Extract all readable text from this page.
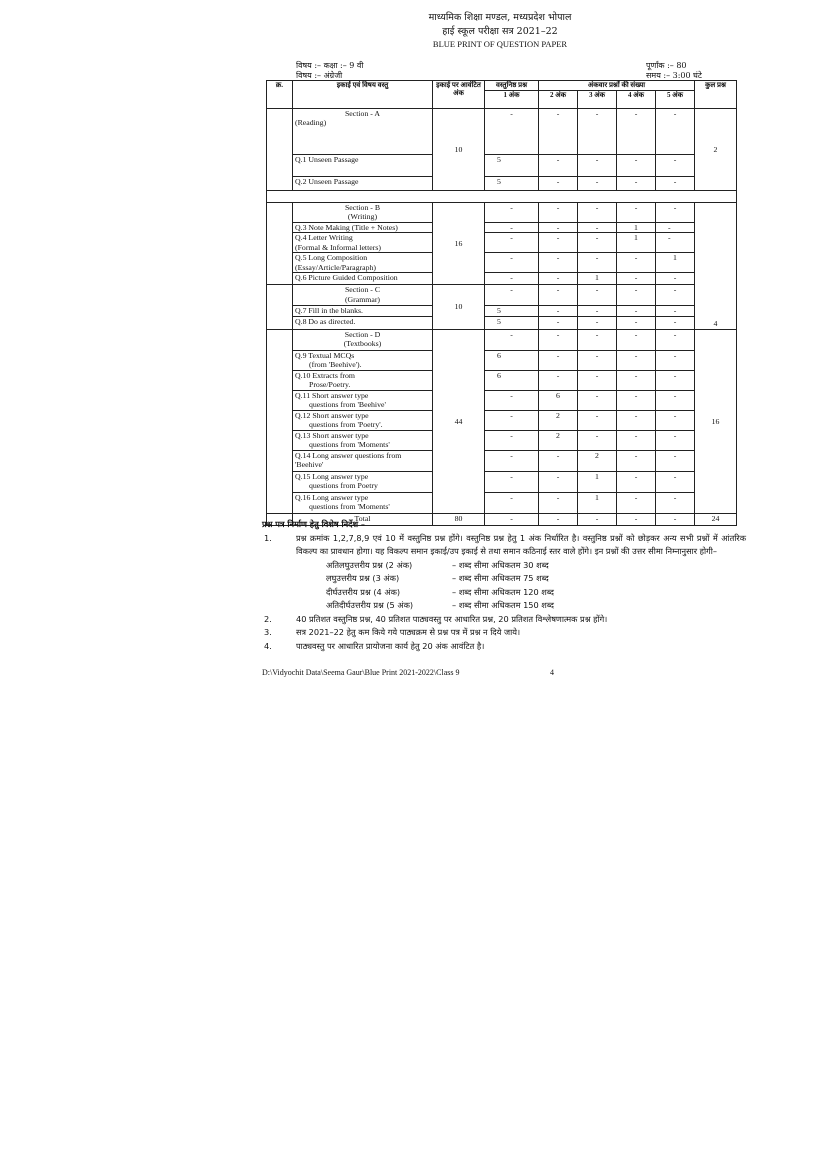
माध्यमिक शिक्षा मण्डल, मध्यप्रदेश भोपाल
हाई स्कूल परीक्षा सत्र 2021–22
BLUE PRINT OF QUESTION PAPER
विषय :– कक्षा :– 9 वी	पूर्णांक :– 80
विषय :– अंग्रेजी	समय :– 3:00 घंटे
क्र.	इकाई एवं विषय वस्तु	इकाई पर आवंटित अंक	वस्तुनिष्ठ प्रश्न	अंकवार प्रश्नों की संख्या				कुल प्रश्न
			1 अंक	2 अंक	3 अंक	4 अंक	5 अंक	

	Section - A
(Reading)	10	-	-	-	-	-	2
	Q.1 Unseen Passage		5	-	-	-	-	
	Q.2 Unseen Passage		5	-	-	-	-	

	Section - B
(Writing)	16	-	-	-	-	-	4
	Q.3 Note Making (Title + Notes)		-	-	-	1	-	

	Q.4 Letter Writing
(Formal & Informal letters)		-	-	-	1	-	

	Q.5 Long Composition
(Essay/Article/Paragraph)		-	-	-	-	1	
	Q.6 Picture Guided Composition		-	-	1	-	-	

	Section - C
(Grammar)	10	-	-	-	-	-	
	Q.7 Fill in the blanks.		5	-	-	-	-	
	Q.8 Do as directed.		5	-	-	-	-	

	Section - D
(Textbooks)	44	-	-	-	-	-	16

	Q.9 Textual MCQs
(from 'Beehive').		6	-	-	-	-	

	Q.10 Extracts from
Prose/Poetry.		6	-	-	-	-	

	Q.11 Short answer type
questions from 'Beehive'		-	6	-	-	-	

	Q.12 Short answer type
questions from 'Poetry'.		-	2	-	-	-	

	Q.13 Short answer type
questions from 'Moments'		-	2	-	-	-	

	Q.14 Long answer questions from
'Beehive'		-	-	2	-	-	

	Q.15 Long answer type
questions from Poetry		-	-	1	-	-	

	Q.16 Long answer type
questions from 'Moments'		-	-	1	-	-	
	Total	80	-	-	-	-	-	24
प्रश्न पत्र निर्माण हेतु विशेष निर्देश –
1.	प्रश्न क्रमांक 1,2,7,8,9 एवं 10 में वस्तुनिष्ठ प्रश्न होंगे। वस्तुनिष्ठ प्रश्न हेतु 1 अंक निर्धारित है। वस्तुनिष्ठ प्रश्नों को छोड़कर अन्य सभी प्रश्नों में आंतरिक विकल्प का प्रावधान होगा। यह विकल्प समान इकाई/उप इकाई से तथा समान कठिनाई स्तर वाले होंगे। इन प्रश्नों की उत्तर सीमा निम्नानुसार होगी–
अतिलघुउत्तरीय प्रश्न (2 अंक)	– शब्द सीमा अधिकतम 30 शब्द
लघुउत्तरीय प्रश्न (3 अंक)	– शब्द सीमा अधिकतम 75 शब्द
दीर्घउत्तरीय प्रश्न (4 अंक)	– शब्द सीमा अधिकतम 120 शब्द
अतिदीर्घउत्तरीय प्रश्न (5 अंक)	– शब्द सीमा अधिकतम 150 शब्द
2.	40 प्रतिशत वस्तुनिष्ठ प्रश्न, 40 प्रतिशत पाठ्यवस्तु पर आधारित प्रश्न, 20 प्रतिशत विश्लेषणात्मक प्रश्न होंगे।
3.	सत्र 2021–22 हेतु कम किये गये पाठ्यक्रम से प्रश्न पत्र में प्रश्न न दिये जाये।
4.	पाठ्यवस्तु पर आधारित प्रायोजना कार्य हेतु 20 अंक आवंटित है।
D:\Vidyochit Data\Seema Gaur\Blue Print 2021-2022\Class 9	4
